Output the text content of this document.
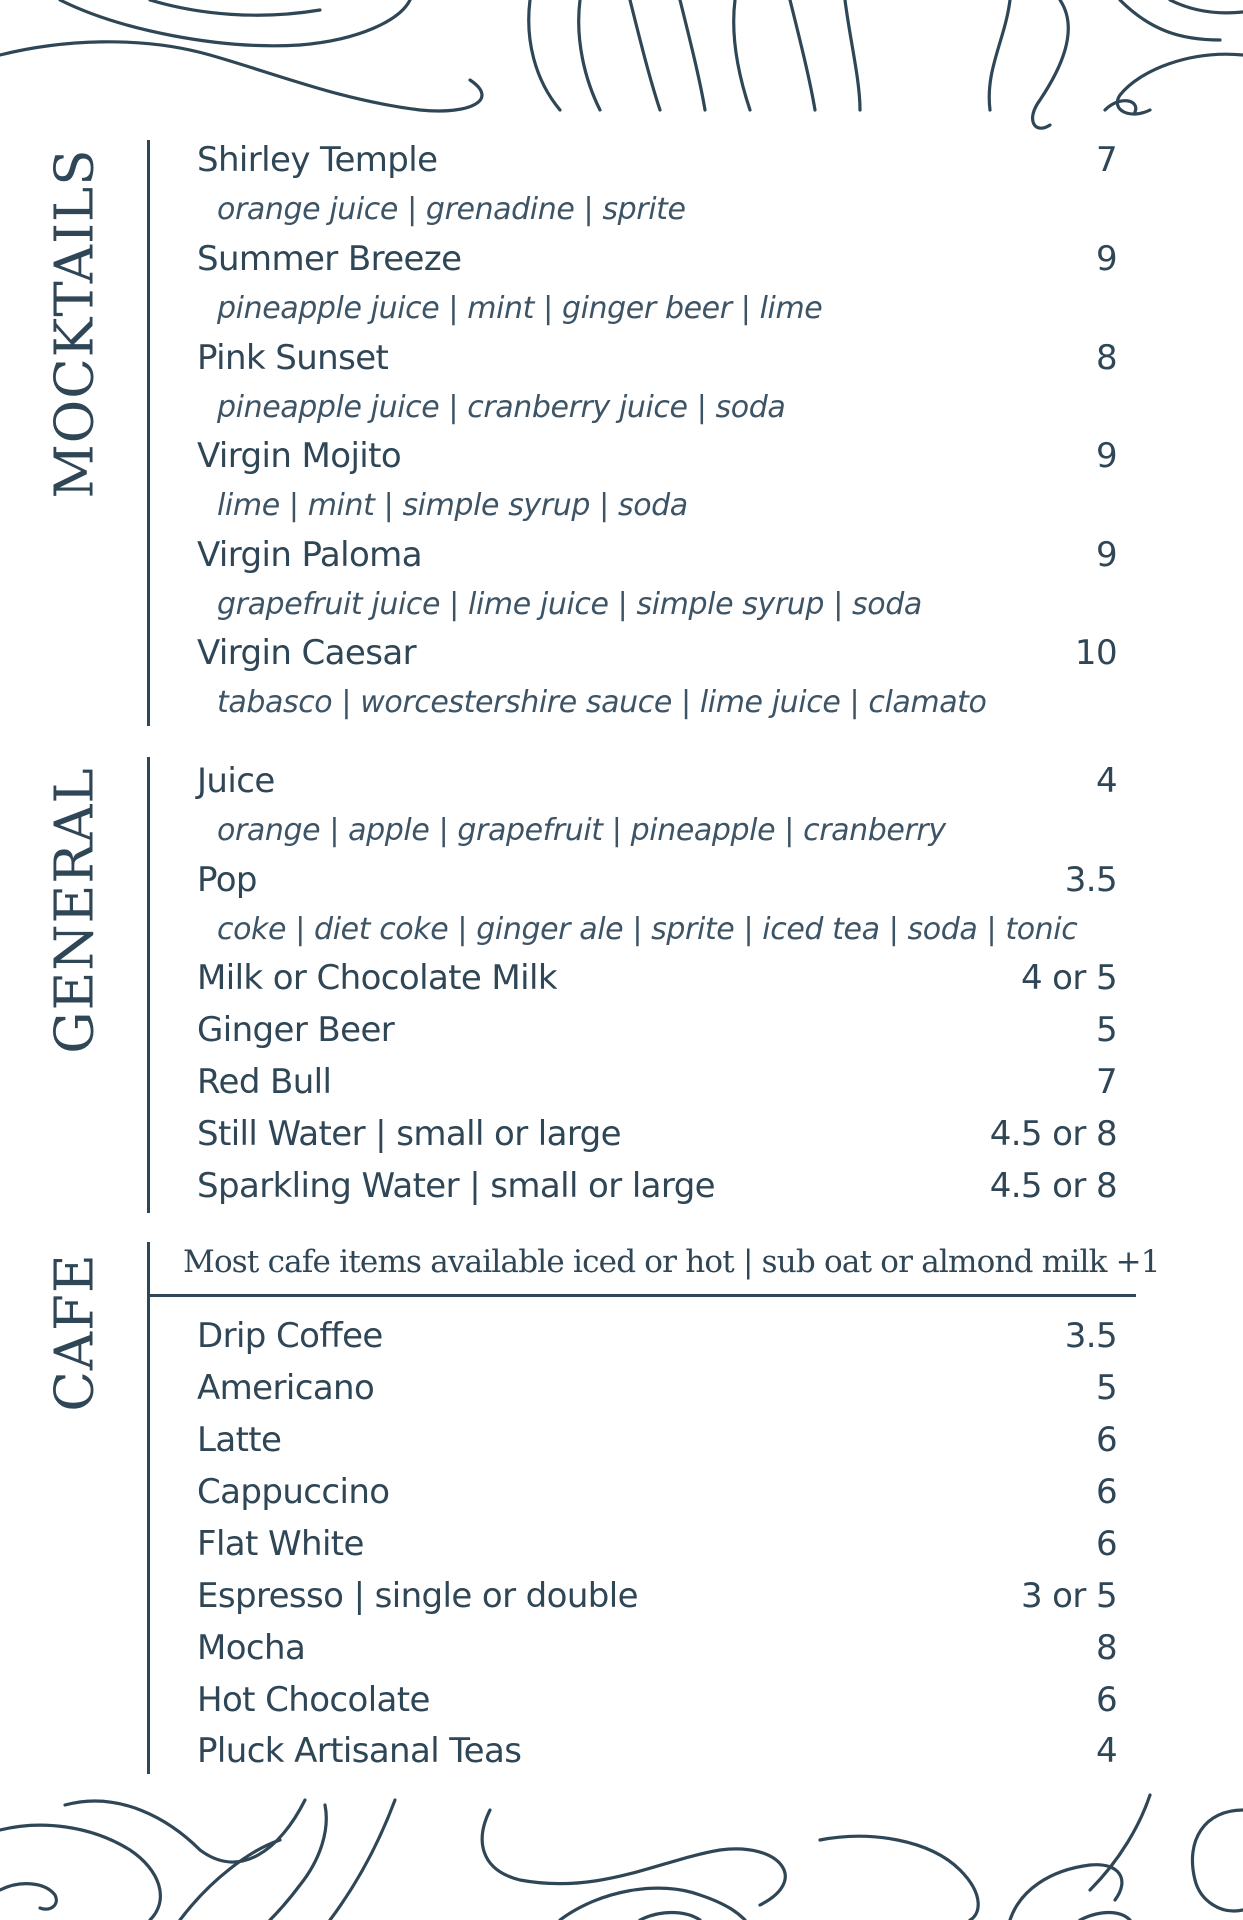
MOCKTAILS	Shirley Temple	7
orange juice | grenadine | sprite
Summer Breeze	9
pineapple juice | mint | ginger beer | lime
Pink Sunset	8
pineapple juice | cranberry juice | soda
Virgin Mojito	9
lime | mint | simple syrup | soda
Virgin Paloma	9
grapefruit juice | lime juice | simple syrup | soda
Virgin Caesar	10
tabasco | worcestershire sauce | lime juice | clamato
GENERAL	Juice	4
orange | apple | grapefruit | pineapple | cranberry
Pop	3.5
coke | diet coke | ginger ale | sprite | iced tea | soda | tonic
Milk or Chocolate Milk	4 or 5
Ginger Beer	5
Red Bull	7
Still Water | small or large	4.5 or 8
Sparkling Water | small or large	4.5 or 8
CAFE Most cafe items available iced or hot | sub oat or almond milk +1
Drip Coffee	3.5
Americano	5
Latte	6
Cappuccino	6
Flat White	6
Espresso | single or double	3 or 5
Mocha	8
Hot Chocolate	6
Pluck Artisanal Teas	4
